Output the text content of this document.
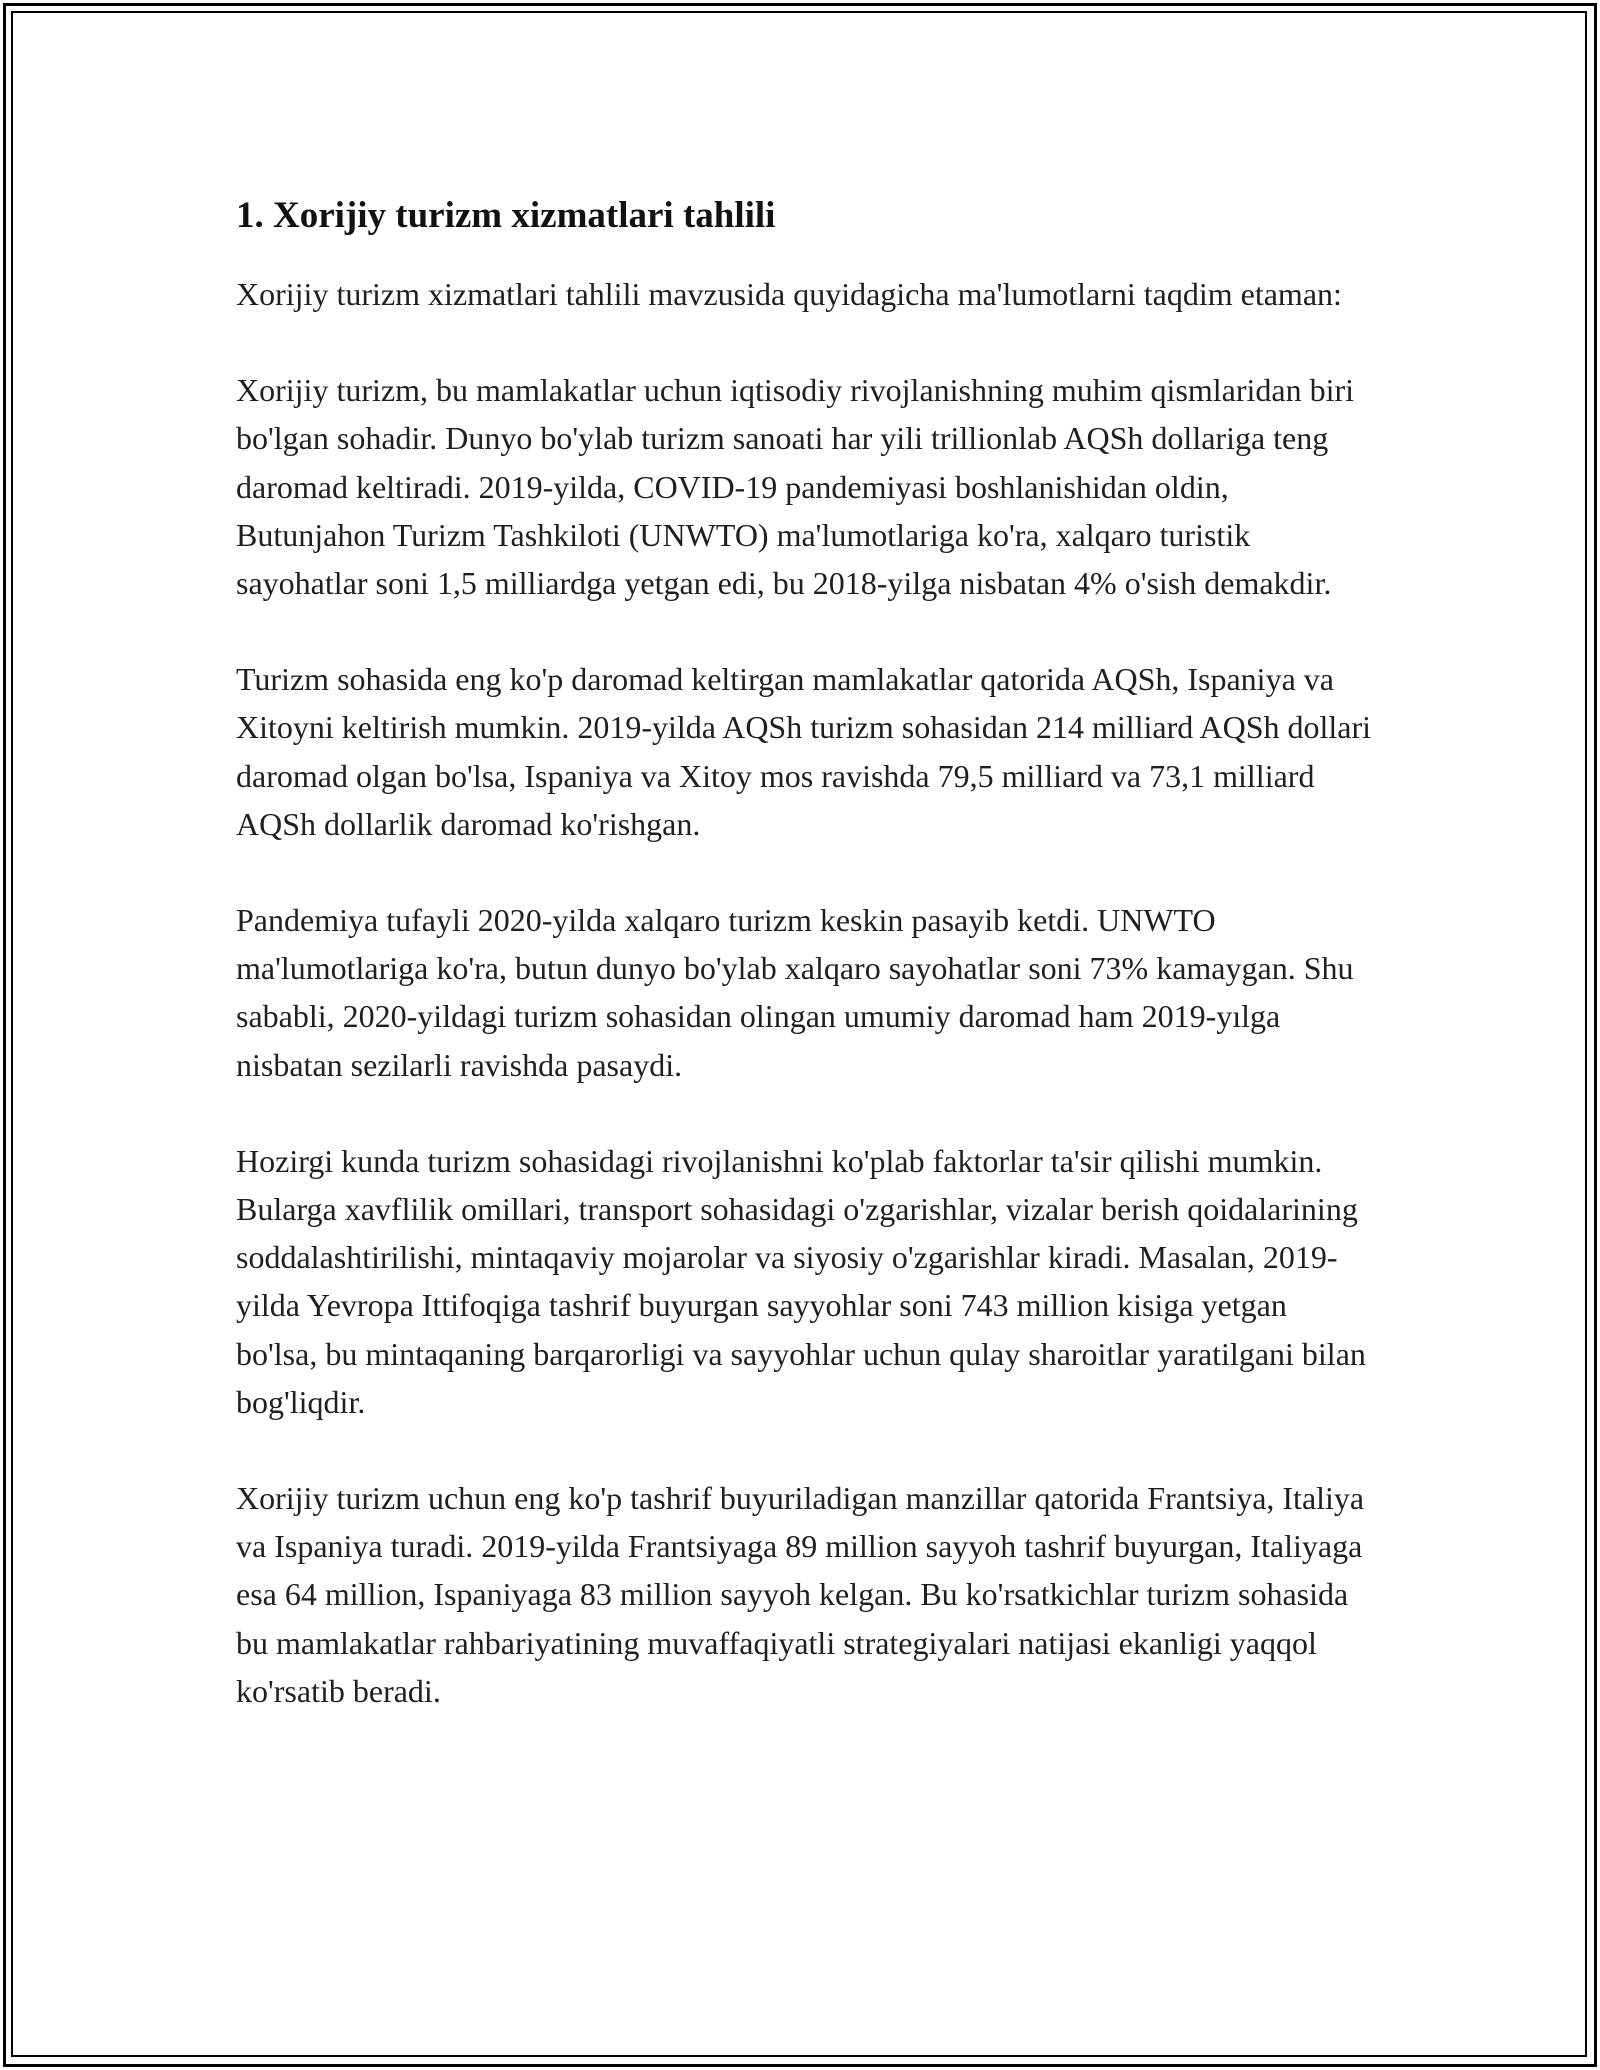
1. Xorijiy turizm xizmatlari tahlili

Xorijiy turizm xizmatlari tahlili mavzusida quyidagicha ma'lumotlarni taqdim etaman:

Xorijiy turizm, bu mamlakatlar uchun iqtisodiy rivojlanishning muhim qismlaridan biri bo'lgan sohadir. Dunyo bo'ylab turizm sanoati har yili trillionlab AQSh dollariga teng daromad keltiradi. 2019-yilda, COVID-19 pandemiyasi boshlanishidan oldin, Butunjahon Turizm Tashkiloti (UNWTO) ma'lumotlariga ko'ra, xalqaro turistik sayohatlar soni 1,5 milliardga yetgan edi, bu 2018-yilga nisbatan 4% o'sish demakdir.

Turizm sohasida eng ko'p daromad keltirgan mamlakatlar qatorida AQSh, Ispaniya va Xitoyni keltirish mumkin. 2019-yilda AQSh turizm sohasidan 214 milliard AQSh dollari daromad olgan bo'lsa, Ispaniya va Xitoy mos ravishda 79,5 milliard va 73,1 milliard AQSh dollarlik daromad ko'rishgan.

Pandemiya tufayli 2020-yilda xalqaro turizm keskin pasayib ketdi. UNWTO ma'lumotlariga ko'ra, butun dunyo bo'ylab xalqaro sayohatlar soni 73% kamaygan. Shu sababli, 2020-yildagi turizm sohasidan olingan umumiy daromad ham 2019-yılga nisbatan sezilarli ravishda pasaydi.

Hozirgi kunda turizm sohasidagi rivojlanishni ko'plab faktorlar ta'sir qilishi mumkin. Bularga xavflilik omillari, transport sohasidagi o'zgarishlar, vizalar berish qoidalarining soddalashtirilishi, mintaqaviy mojarolar va siyosiy o'zgarishlar kiradi. Masalan, 2019-yilda Yevropa Ittifoqiga tashrif buyurgan sayyohlar soni 743 million kisiga yetgan bo'lsa, bu mintaqaning barqarorligi va sayyohlar uchun qulay sharoitlar yaratilgani bilan bog'liqdir.

Xorijiy turizm uchun eng ko'p tashrif buyuriladigan manzillar qatorida Frantsiya, Italiya va Ispaniya turadi. 2019-yilda Frantsiyaga 89 million sayyoh tashrif buyurgan, Italiyaga esa 64 million, Ispaniyaga 83 million sayyoh kelgan. Bu ko'rsatkichlar turizm sohasida bu mamlakatlar rahbariyatining muvaffaqiyatli strategiyalari natijasi ekanligi yaqqol ko'rsatib beradi.
